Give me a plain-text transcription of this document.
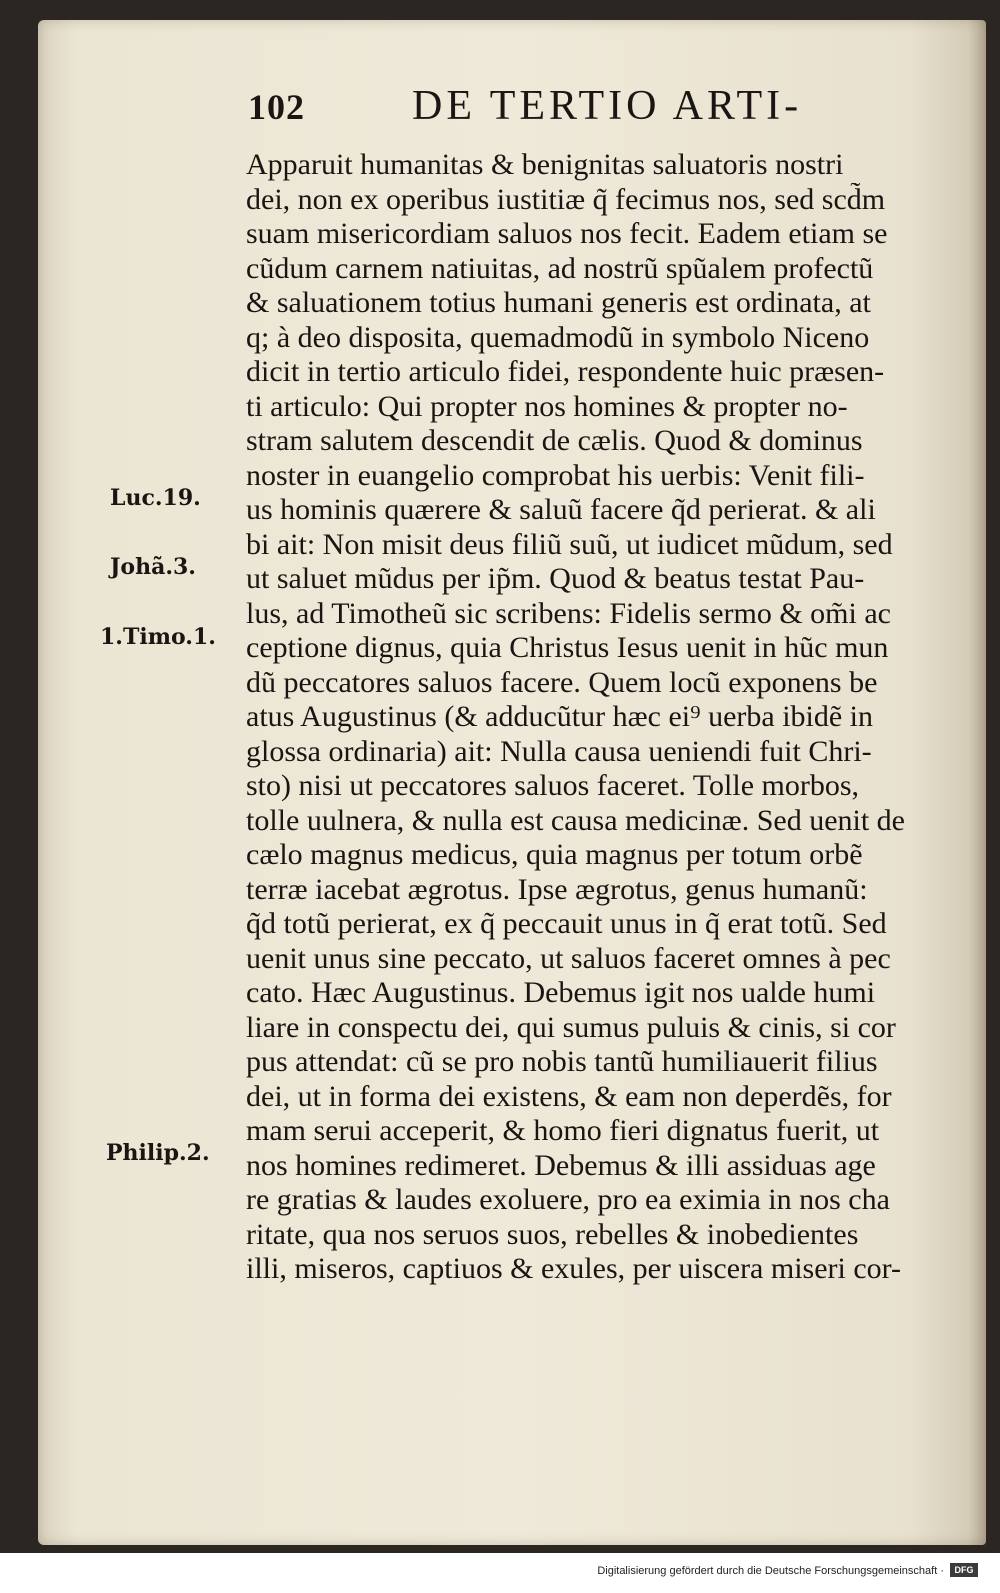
102	DE TERTIO ARTI-
Luc.19.
Johã.3.
1.Timo.1.
Philip.2.
Apparuit humanitas & benignitas saluatoris nostri
dei, non ex operibus iustitiæ q̃ fecimus nos, sed scd̃m
suam misericordiam saluos nos fecit. Eadem etiam se
cũdum carnem natiuitas, ad nostrũ spũalem profectũ
& saluationem totius humani generis est ordinata, at
q; à deo disposita, quemadmodũ in symbolo Niceno
dicit in tertio articulo fidei, respondente huic præsen-
ti articulo: Qui propter nos homines & propter no-
stram salutem descendit de cælis. Quod & dominus
noster in euangelio comprobat his uerbis: Venit fili-
us hominis quærere & saluũ facere q̃d perierat. & ali
bi ait: Non misit deus filiũ suũ, ut iudicet mũdum, sed
ut saluet mũdus per ip̃m. Quod & beatus testat Pau-
lus, ad Timotheũ sic scribens: Fidelis sermo & om̃i ac
ceptione dignus, quia Christus Iesus uenit in hũc mun
dũ peccatores saluos facere. Quem locũ exponens be
atus Augustinus (& adducũtur hæc ei⁹ uerba ibidẽ in
glossa ordinaria) ait: Nulla causa ueniendi fuit Chri-
sto) nisi ut peccatores saluos faceret. Tolle morbos,
tolle uulnera, & nulla est causa medicinæ. Sed uenit de
cælo magnus medicus, quia magnus per totum orbẽ
terræ iacebat ægrotus. Ipse ægrotus, genus humanũ:
q̃d totũ perierat, ex q̃ peccauit unus in q̃ erat totũ. Sed
uenit unus sine peccato, ut saluos faceret omnes à pec
cato. Hæc Augustinus. Debemus igit nos ualde humi
liare in conspectu dei, qui sumus puluis & cinis, si cor
pus attendat: cũ se pro nobis tantũ humiliauerit filius
dei, ut in forma dei existens, & eam non deperdẽs, for
mam serui acceperit, & homo fieri dignatus fuerit, ut
nos homines redimeret. Debemus & illi assiduas age
re gratias & laudes exoluere, pro ea eximia in nos cha
ritate, qua nos seruos suos, rebelles & inobedientes
illi, miseros, captiuos & exules, per uiscera miseri cor-
Digitalisierung gefördert durch die Deutsche Forschungsgemeinschaft ·	DFG
